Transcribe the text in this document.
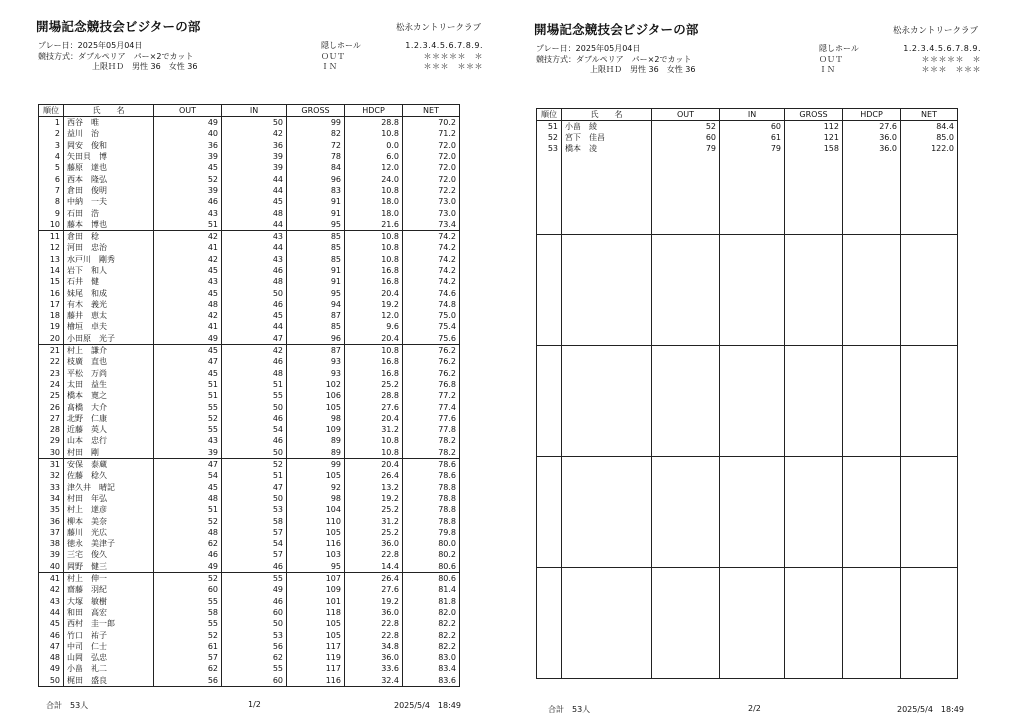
開場記念競技会ビジターの部	松永カントリークラブ
プレー日：2025年05月04日
競技方式：ダブルペリア　パー×2でカット
上限ＨＤ　男性 36　女性 36
隠しホール	1.2.3.4.5.6.7.8.9.
ＯＵＴ	＊＊＊＊＊　＊
ＩＮ	＊＊＊　＊＊＊
順位	氏　　名	OUT	IN	GROSS	HDCP	NET
1	西谷　唯	49	50	99	28.8	70.2
2	益川　治	40	42	82	10.8	71.2
3	岡安　俊和	36	36	72	0.0	72.0
4	矢田貝　博	39	39	78	6.0	72.0
5	藤原　達也	45	39	84	12.0	72.0
6	西本　隆弘	52	44	96	24.0	72.0
7	倉田　俊明	39	44	83	10.8	72.2
8	中納　一夫	46	45	91	18.0	73.0
9	石田　浩	43	48	91	18.0	73.0
10	藤本　博也	51	44	95	21.6	73.4
11	倉田　稔	42	43	85	10.8	74.2
12	河田　忠治	41	44	85	10.8	74.2
13	水戸川　剛秀	42	43	85	10.8	74.2
14	岩下　和人	45	46	91	16.8	74.2
15	石井　健	43	48	91	16.8	74.2
16	妹尾　和成	45	50	95	20.4	74.6
17	有木　義光	48	46	94	19.2	74.8
18	藤井　恵太	42	45	87	12.0	75.0
19	檜垣　卓夫	41	44	85	9.6	75.4
20	小田原　光子	49	47	96	20.4	75.6
21	村上　謙介	45	42	87	10.8	76.2
22	枝廣　直也	47	46	93	16.8	76.2
23	平松　万尚	45	48	93	16.8	76.2
24	太田　益生	51	51	102	25.2	76.8
25	橋本　寛之	51	55	106	28.8	77.2
26	髙橋　大介	55	50	105	27.6	77.4
27	北野　仁康	52	46	98	20.4	77.6
28	近藤　英人	55	54	109	31.2	77.8
29	山本　忠行	43	46	89	10.8	78.2
30	村田　剛	39	50	89	10.8	78.2
31	安保　泰蔵	47	52	99	20.4	78.6
32	佐藤　稔久	54	51	105	26.4	78.6
33	津久井　晴記	45	47	92	13.2	78.8
34	村田　年弘	48	50	98	19.2	78.8
35	村上　達彦	51	53	104	25.2	78.8
36	柳本　美奈	52	58	110	31.2	78.8
37	藤川　光広	48	57	105	25.2	79.8
38	徳永　美津子	62	54	116	36.0	80.0
39	三宅　俊久	46	57	103	22.8	80.2
40	岡野　健三	49	46	95	14.4	80.6
41	村上　伸一	52	55	107	26.4	80.6
42	齋藤　羽紀	60	49	109	27.6	81.4
43	大塚　敏樹	55	46	101	19.2	81.8
44	和田　高宏	58	60	118	36.0	82.0
45	西村　圭一郎	55	50	105	22.8	82.2
46	竹口　祐子	52	53	105	22.8	82.2
47	中司　仁士	61	56	117	34.8	82.2
48	山岡　弘忠	57	62	119	36.0	83.0
49	小畠　礼二	62	55	117	33.6	83.4
50	梶田　盛良	56	60	116	32.4	83.6
合計　53人	1/2	2025/5/4　18:49
開場記念競技会ビジターの部	松永カントリークラブ
プレー日：2025年05月04日
競技方式：ダブルペリア　パー×2でカット
上限ＨＤ　男性 36　女性 36
隠しホール	1.2.3.4.5.6.7.8.9.
ＯＵＴ	＊＊＊＊＊　＊
ＩＮ	＊＊＊　＊＊＊
順位	氏　　名	OUT	IN	GROSS	HDCP	NET
51	小畠　綾	52	60	112	27.6	84.4
52	宮下　佳昌	60	61	121	36.0	85.0
53	橋本　凌	79	79	158	36.0	122.0

合計　53人	2/2	2025/5/4　18:49
